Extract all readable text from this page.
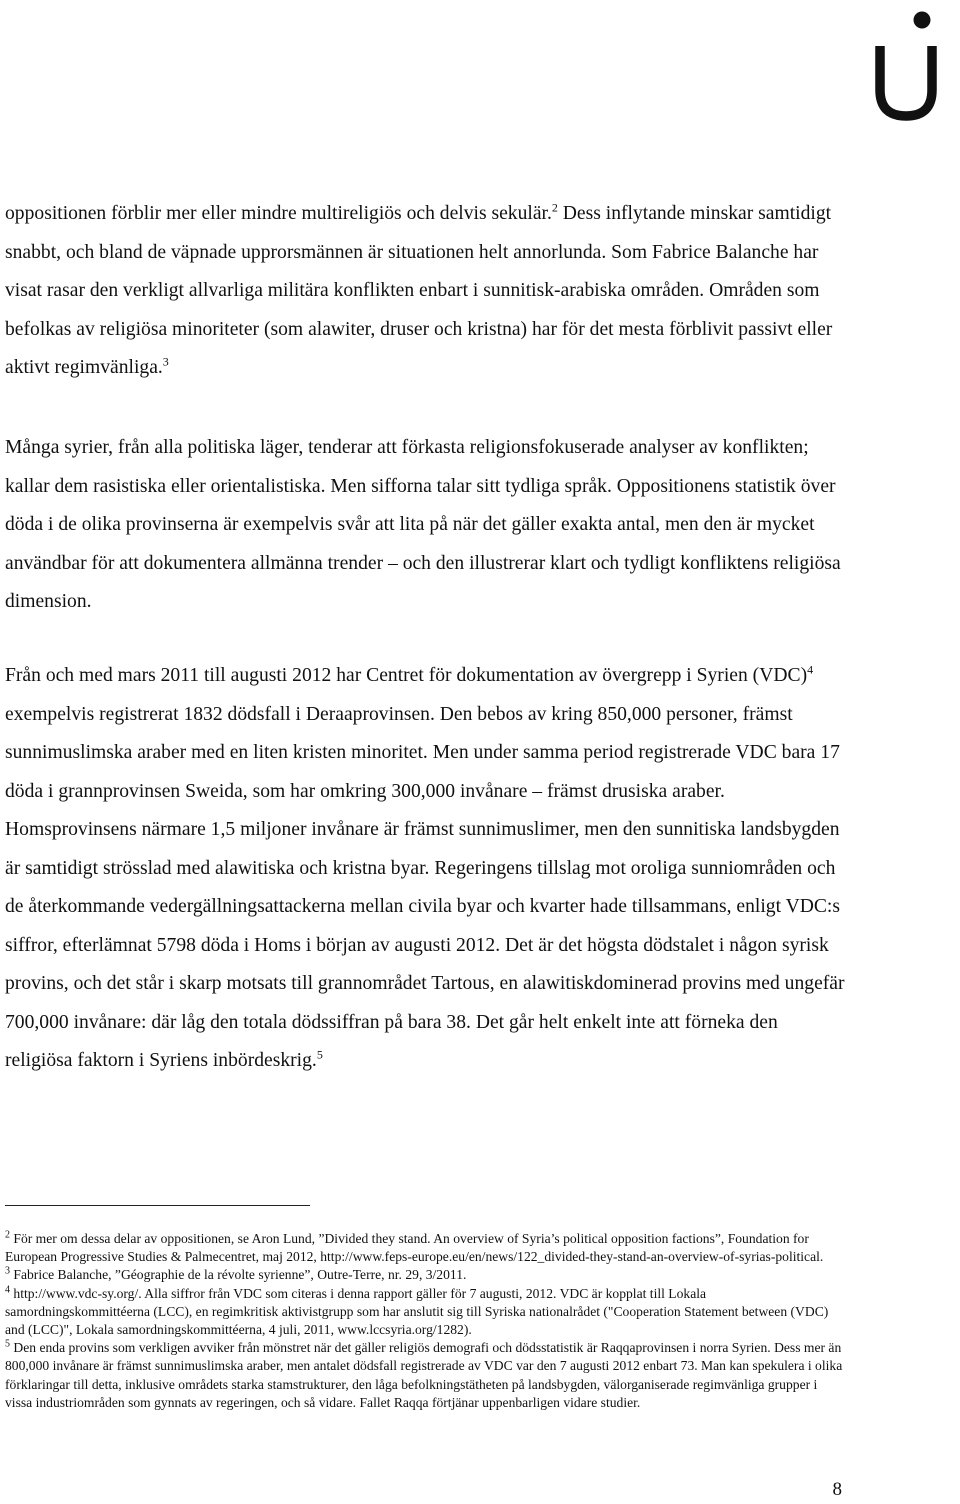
oppositionen förblir mer eller mindre multireligiös och delvis sekulär.$^2$ Dess inflytande minskar samtidigt snabbt, och bland de väpnade upprorsmännen är situationen helt annorlunda. Som Fabrice Balanche har visat rasar den verkligt allvarliga militära konflikten enbart i sunnitisk-arabiska områden. Områden som befolkas av religiösa minoriteter (som alawiter, druser och kristna) har för det mesta förblivit passivt eller aktivt regimvänliga.$^3$

Många syrier, från alla politiska läger, tenderar att förkasta religionsfokuserade analyser av konflikten; kallar dem rasistiska eller orientalistiska. Men sifforna talar sitt tydliga språk. Oppositionens statistik över döda i de olika provinserna är exempelvis svår att lita på när det gäller exakta antal, men den är mycket användbar för att dokumentera allmänna trender – och den illustrerar klart och tydligt konfliktens religiösa dimension.

Från och med mars 2011 till augusti 2012 har Centret för dokumentation av övergrepp i Syrien (VDC)$^4$ exempelvis registrerat 1832 dödsfall i Deraaprovinsen. Den bebos av kring 850,000 personer, främst sunnimuslimska araber med en liten kristen minoritet. Men under samma period registrerade VDC bara 17 döda i grannprovinsen Sweida, som har omkring 300,000 invånare – främst drusiska araber. Homsprovinsens närmare 1,5 miljoner invånare är främst sunnimuslimer, men den sunnitiska landsbygden är samtidigt strösslad med alawitiska och kristna byar. Regeringens tillslag mot oroliga sunniområden och de återkommande vedergällningsattackerna mellan civila byar och kvarter hade tillsammans, enligt VDC:s siffror, efterlämnat 5798 döda i Homs i början av augusti 2012. Det är det högsta dödstalet i någon syrisk provins, och det står i skarp motsats till grannområdet Tartous, en alawitiskdominerad provins med ungefär 700,000 invånare: där låg den totala dödssiffran på bara 38. Det går helt enkelt inte att förneka den religiösa faktorn i Syriens inbördeskrig.$^5$

$^2$ För mer om dessa delar av oppositionen, se Aron Lund, ”Divided they stand. An overview of Syria’s political opposition factions”, Foundation for European Progressive Studies & Palmecentret, maj 2012, http://www.feps-europe.eu/en/news/122_divided-they-stand-an-overview-of-syrias-political.

$^3$ Fabrice Balanche, ”Géographie de la révolte syrienne”, Outre-Terre, nr. 29, 3/2011.

$^4$ http://www.vdc-sy.org/. Alla siffror från VDC som citeras i denna rapport gäller för 7 augusti, 2012. VDC är kopplat till Lokala samordningskommittéerna (LCC), en regimkritisk aktivistgrupp som har anslutit sig till Syriska nationalrådet ("Cooperation Statement between (VDC) and (LCC)", Lokala samordningskommittéerna, 4 juli, 2011, www.lccsyria.org/1282).

$^5$ Den enda provins som verkligen avviker från mönstret när det gäller religiös demografi och dödsstatistik är Raqqaprovinsen i norra Syrien. Dess mer än 800,000 invånare är främst sunnimuslimska araber, men antalet dödsfall registrerade av VDC var den 7 augusti 2012 enbart 73. Man kan spekulera i olika förklaringar till detta, inklusive områdets starka stamstrukturer, den låga befolkningstätheten på landsbygden, välorganiserade regimvänliga grupper i vissa industriområden som gynnats av regeringen, och så vidare. Fallet Raqqa förtjänar uppenbarligen vidare studier.

8
